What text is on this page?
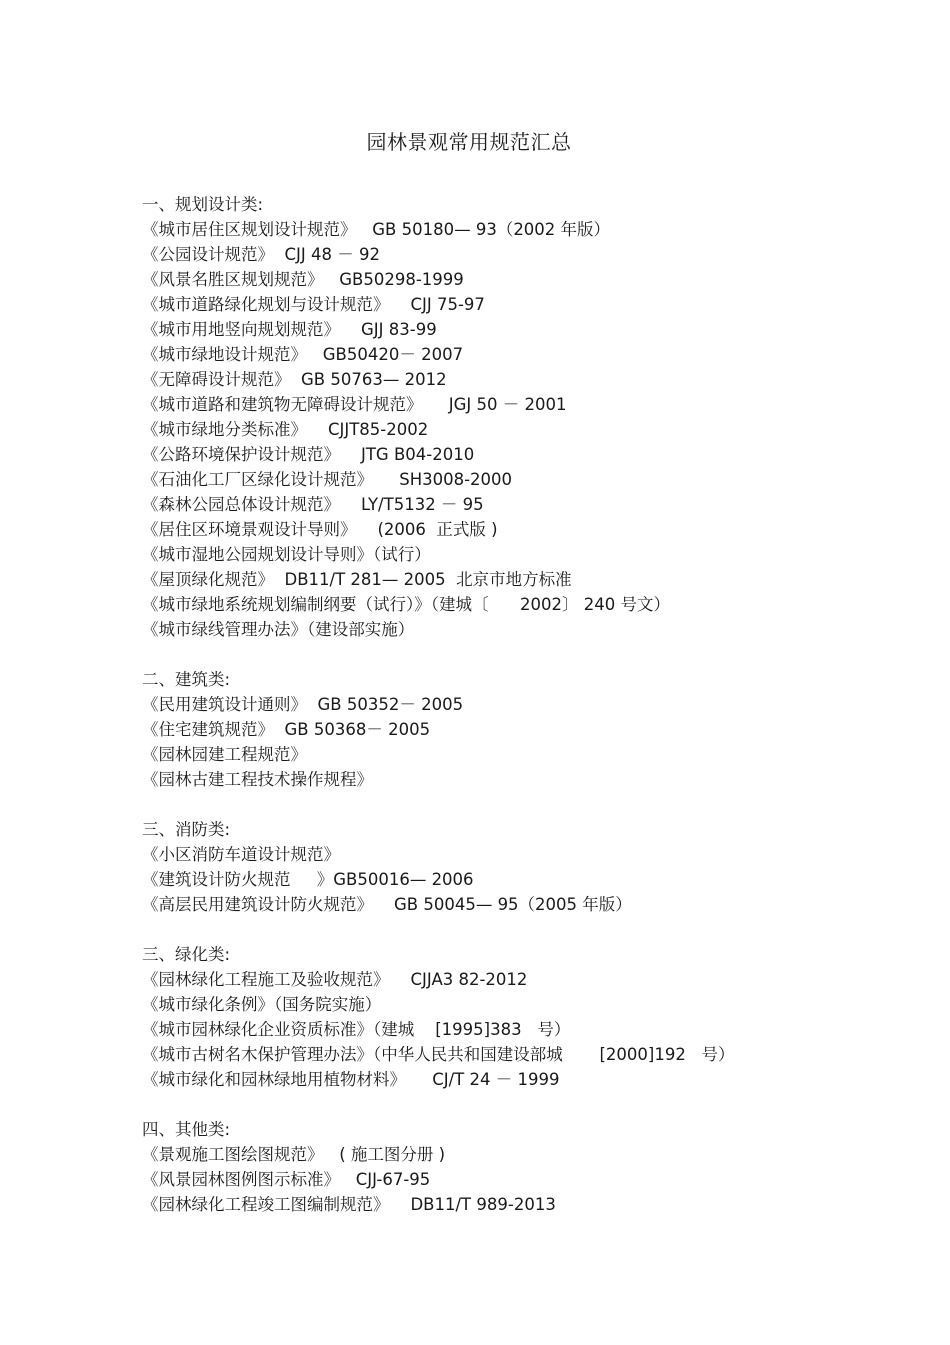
园林景观常用规范汇总
一、规划设计类:
《城市居住区规划设计规范》   GB 50180— 93（2002 年版）
《公园设计规范》  CJJ 48 － 92
《风景名胜区规划规范》   GB50298-1999
《城市道路绿化规划与设计规范》    CJJ 75-97
《城市用地竖向规划规范》    GJJ 83-99
《城市绿地设计规范》   GB50420－ 2007
《无障碍设计规范》  GB 50763— 2012
《城市道路和建筑物无障碍设计规范》     JGJ 50 － 2001
《城市绿地分类标准》    CJJT85-2002
《公路环境保护设计规范》    JTG B04-2010
《石油化工厂区绿化设计规范》     SH3008-2000
《森林公园总体设计规范》    LY/T5132 － 95
《居住区环境景观设计导则》    (2006  正式版 )
《城市湿地公园规划设计导则》（试行）
《屋顶绿化规范》  DB11/T 281— 2005  北京市地方标准
《城市绿地系统规划编制纲要（试行）》（建城〔      2002〕 240 号文）
《城市绿线管理办法》（建设部实施）
二、建筑类:
《民用建筑设计通则》  GB 50352－ 2005
《住宅建筑规范》  GB 50368－ 2005
《园林园建工程规范》
《园林古建工程技术操作规程》
三、消防类:
《小区消防车道设计规范》
《建筑设计防火规范     》GB50016— 2006
《高层民用建筑设计防火规范》    GB 50045— 95（2005 年版）
三、绿化类:
《园林绿化工程施工及验收规范》    CJJA3 82-2012
《城市绿化条例》（国务院实施）
《城市园林绿化企业资质标准》（建城    [1995]383   号）
《城市古树名木保护管理办法》（中华人民共和国建设部城       [2000]192   号）
《城市绿化和园林绿地用植物材料》     CJ/T 24 － 1999
四、其他类:
《景观施工图绘图规范》   ( 施工图分册 )
《风景园林图例图示标准》   CJJ-67-95
《园林绿化工程竣工图编制规范》    DB11/T 989-2013
